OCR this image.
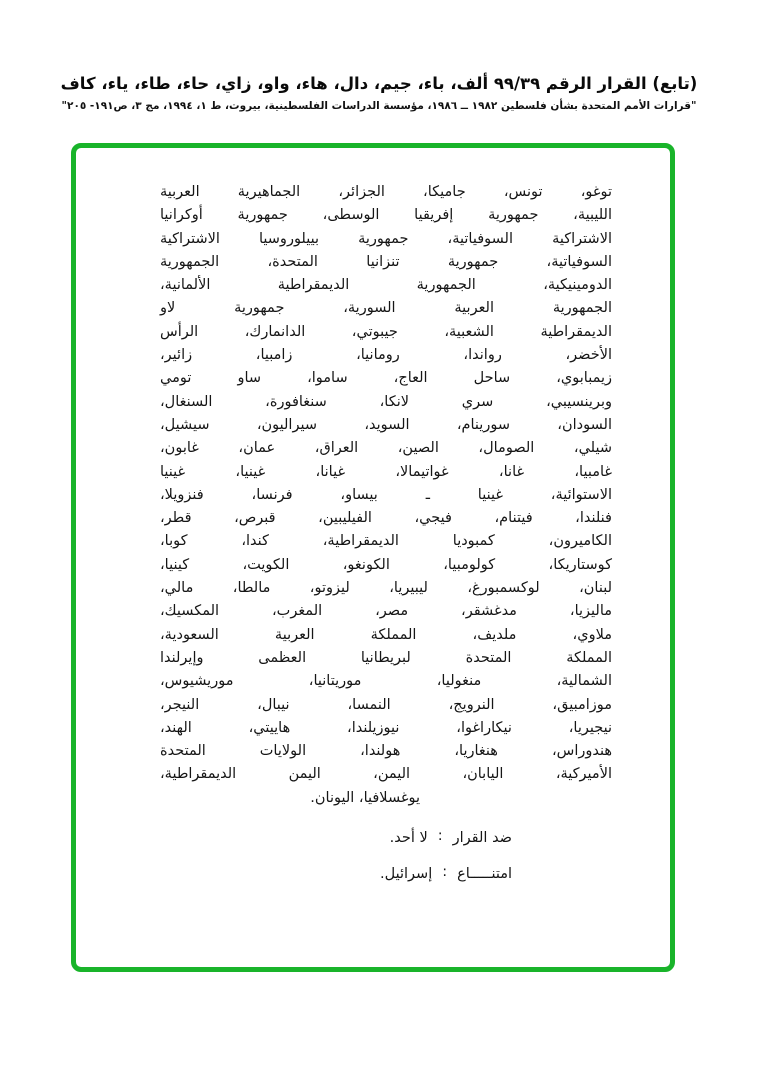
(تابع) القرار الرقم ٩٩/٣٩ ألف، باء، جيم، دال، هاء، واو، زاي، حاء، طاء، ياء، كاف
"قرارات الأمم المتحدة بشأن فلسطين ١٩٨٢ ــ ١٩٨٦، مؤسسة الدراسات الفلسطينية، بيروت، ط ١، ١٩٩٤، مج ٣، ص١٩١- ٢٠٥"
توغو، تونس، جاميكا، الجزائر، الجماهيرية العربية
الليبية، جمهورية إفريقيا الوسطى، جمهورية أوكرانيا
الاشتراكية السوفياتية، جمهورية بييلوروسيا الاشتراكية
السوفياتية، جمهورية تنزانيا المتحدة، الجمهورية
الدومينيكية، الجمهورية الديمقراطية الألمانية،
الجمهورية العربية السورية، جمهورية لاو
الديمقراطية الشعبية، جيبوتي، الدانمارك، الرأس
الأخضر، رواندا، رومانيا، زامبيا، زائير،
زيمبابوي، ساحل العاج، ساموا، ساو تومي
وبرينسيبي، سري لانكا، سنغافورة، السنغال،
السودان، سورينام، السويد، سيراليون، سيشيل،
شيلي، الصومال، الصين، العراق، عمان، غابون،
غامبيا، غانا، غواتيمالا، غيانا، غينيا، غينيا
الاستوائية، غينيا ـ بيساو، فرنسا، فنزويلا،
فنلندا، فيتنام، فيجي، الفيليبين، قبرص، قطر،
الكاميرون، كمبوديا الديمقراطية، كندا، كوبا،
كوستاريكا، كولومبيا، الكونغو، الكويت، كينيا،
لبنان، لوكسمبورغ، ليبيريا، ليزوتو، مالطا، مالي،
ماليزيا، مدغشقر، مصر، المغرب، المكسيك،
ملاوي، ملديف، المملكة العربية السعودية،
المملكة المتحدة لبريطانيا العظمى وإيرلندا
الشمالية، منغوليا، موريتانيا، موريشيوس،
موزامبيق، النرويج، النمسا، نيبال، النيجر،
نيجيريا، نيكاراغوا، نيوزيلندا، هاييتي، الهند،
هندوراس، هنغاريا، هولندا، الولايات المتحدة
الأميركية، اليابان، اليمن، اليمن الديمقراطية،
يوغسلافيا، اليونان.
ضد القرار:لا أحد.
امتنـــــاع:إسرائيل.
